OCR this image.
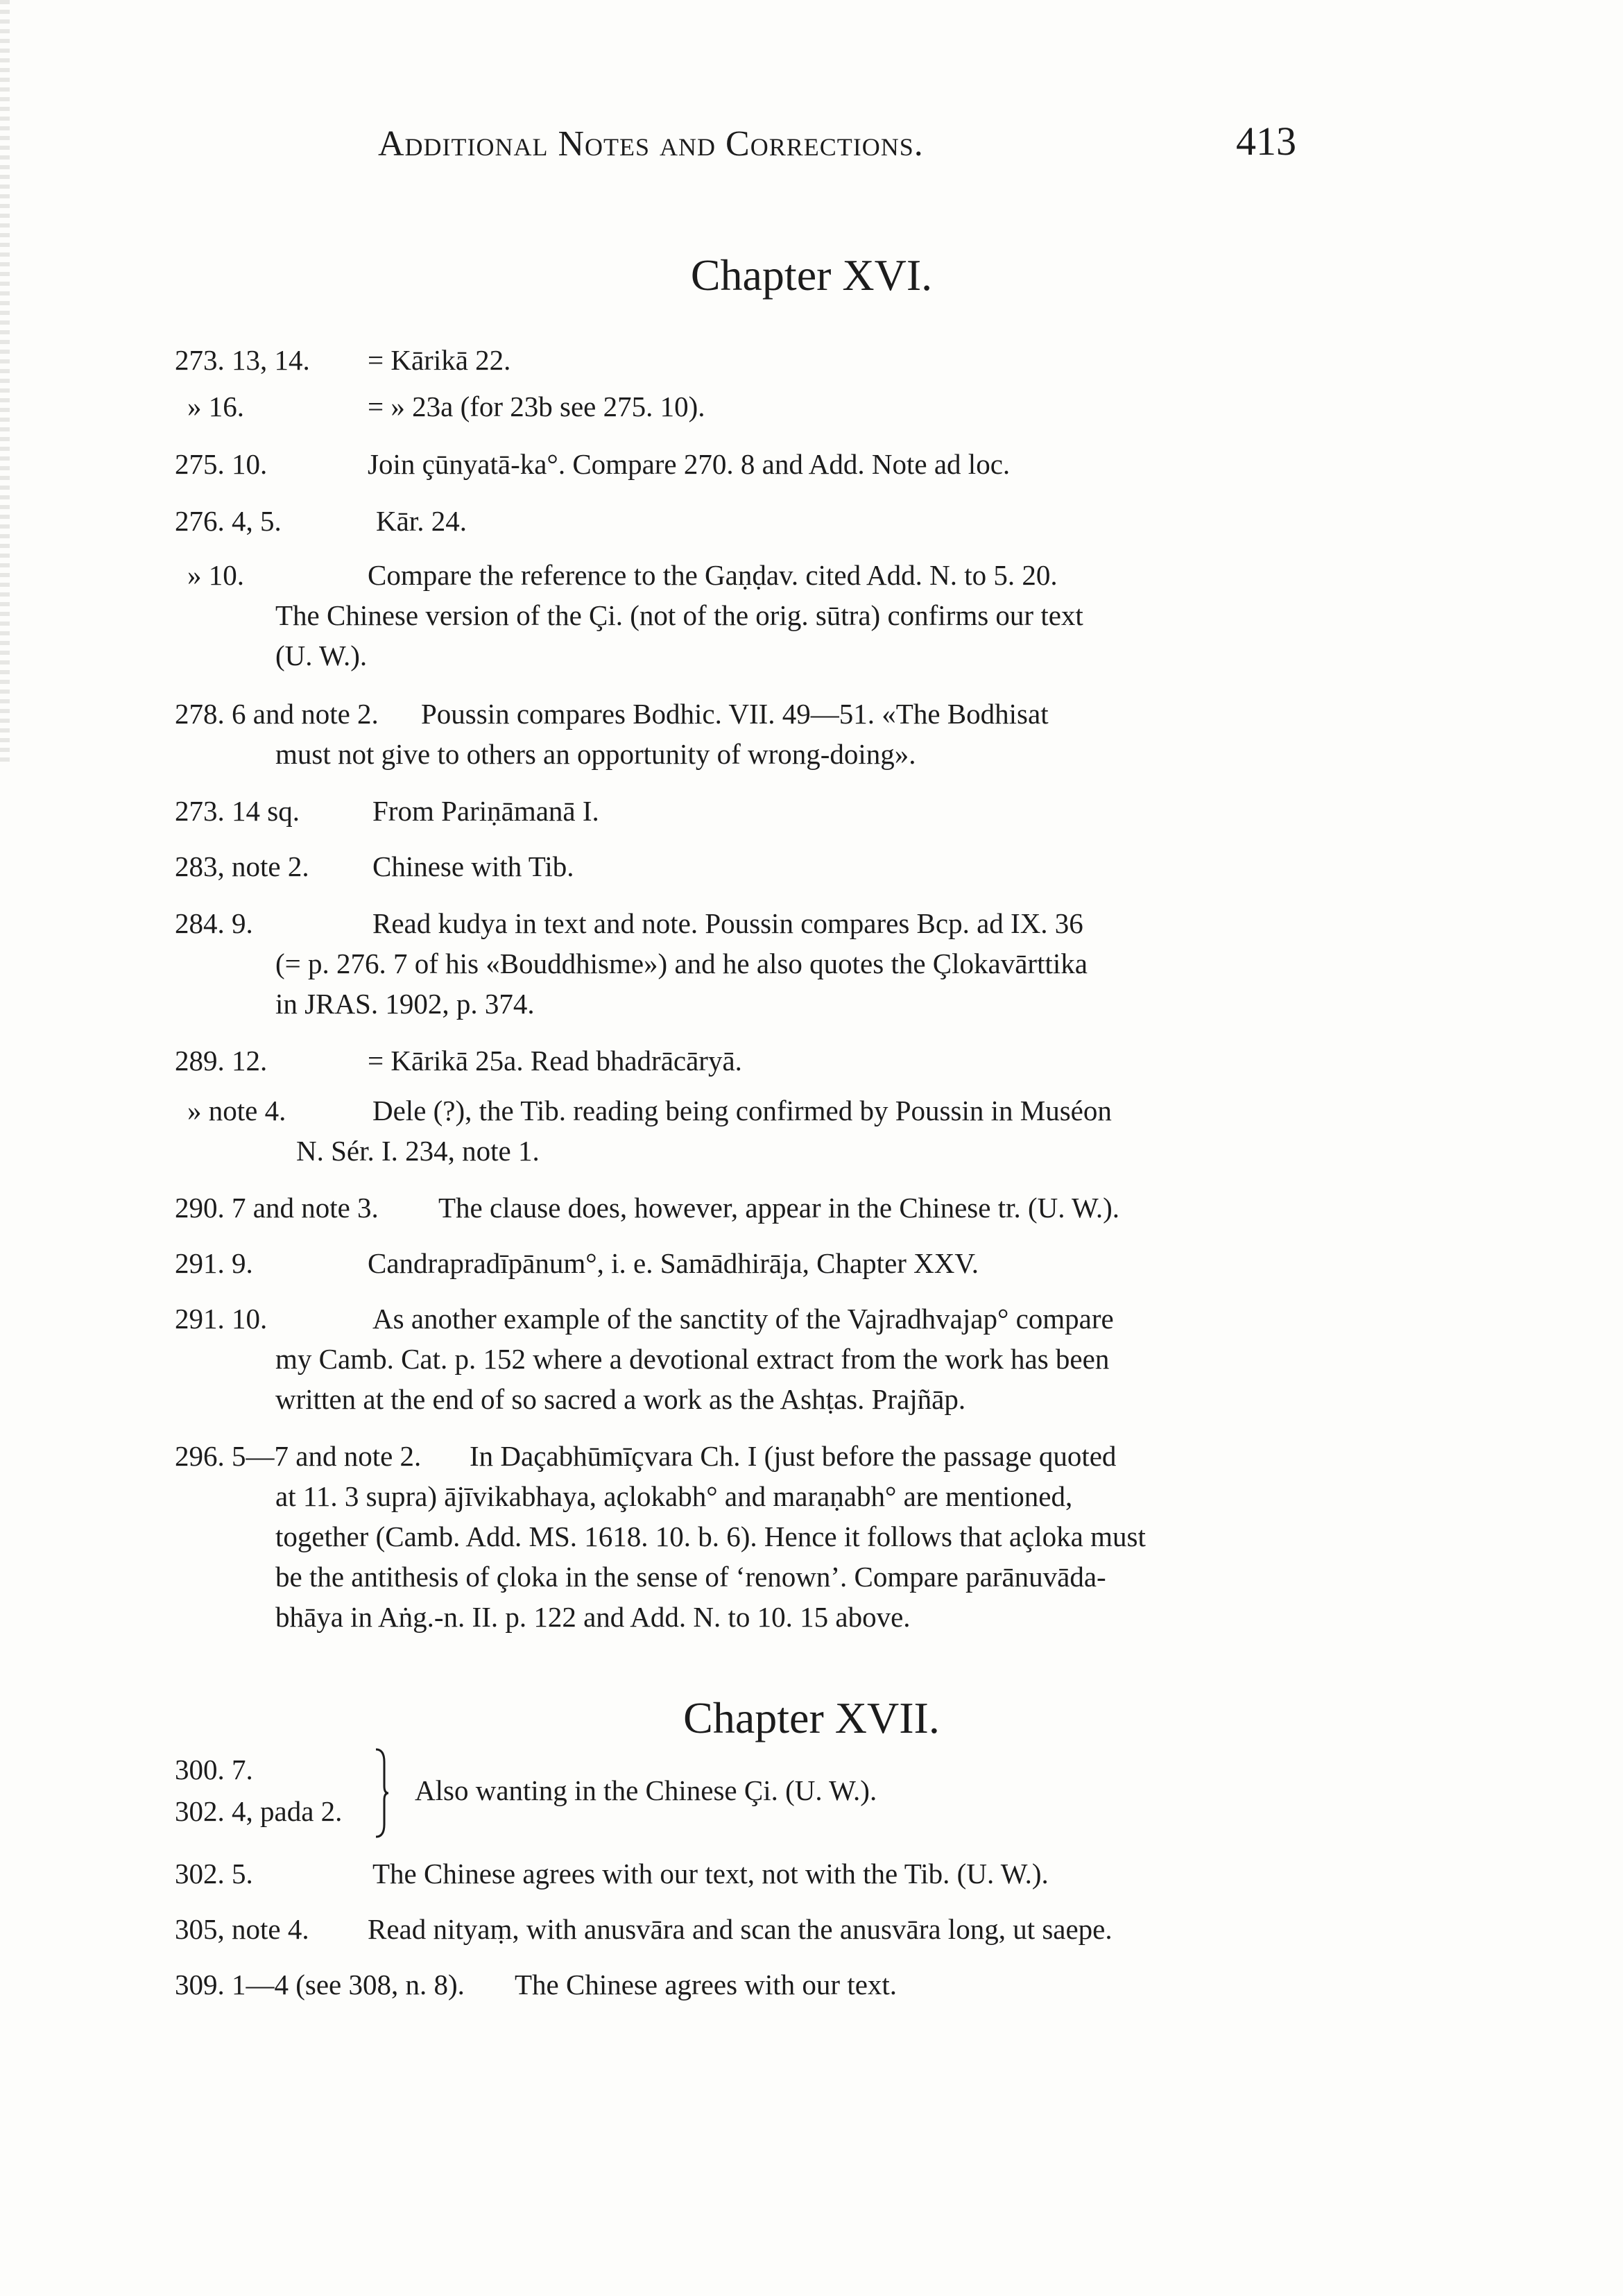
Additional Notes and Corrections.	413
Chapter XVI.
273. 13, 14. = Kārikā 22.
» 16.	= » 23a (for 23b see 275. 10).
275. 10.	Join çūnyatā-ka°. Compare 270. 8 and Add. Note ad loc.
276. 4, 5.	Kār. 24.
» 10.	Compare the reference to the Gaṇḍav. cited Add. N. to 5. 20.
The Chinese version of the Çi. (not of the orig. sūtra) confirms our text
(U. W.).
278. 6 and note 2. Poussin compares Bodhic. VII. 49—51. «The Bodhisat
must not give to others an opportunity of wrong-doing».
273. 14 sq.	From Pariṇāmanā I.
283, note 2. Chinese with Tib.
284. 9.	Read kudya in text and note. Poussin compares Bcp. ad IX. 36
(= p. 276. 7 of his «Bouddhisme») and he also quotes the Çlokavārttika
in JRAS. 1902, p. 374.
289. 12.	= Kārikā 25a. Read bhadrācāryā.
» note 4.	Dele (?), the Tib. reading being confirmed by Poussin in Muséon
N. Sér. I. 234, note 1.
290. 7 and note 3. The clause does, however, appear in the Chinese tr. (U. W.).
291. 9.	Candrapradīpānum°, i. e. Samādhirāja, Chapter XXV.
291. 10.	As another example of the sanctity of the Vajradhvajap° compare
my Camb. Cat. p. 152 where a devotional extract from the work has been
written at the end of so sacred a work as the Ashṭas. Prajñāp.
296. 5—7 and note 2. In Daçabhūmīçvara Ch. I (just before the passage quoted
at 11. 3 supra) ājīvikabhaya, açlokabh° and maraṇabh° are mentioned,
together (Camb. Add. MS. 1618. 10. b. 6). Hence it follows that açloka must
be the antithesis of çloka in the sense of ‘renown’. Compare parānuvāda-
bhāya in Aṅg.-n. II. p. 122 and Add. N. to 10. 15 above.
Chapter XVII.
300. 7.
302. 4, pada 2.
Also wanting in the Chinese Çi. (U. W.).
302. 5.	The Chinese agrees with our text, not with the Tib. (U. W.).
305, note 4. Read nityaṃ, with anusvāra and scan the anusvāra long, ut saepe.
309. 1—4 (see 308, n. 8). The Chinese agrees with our text.
